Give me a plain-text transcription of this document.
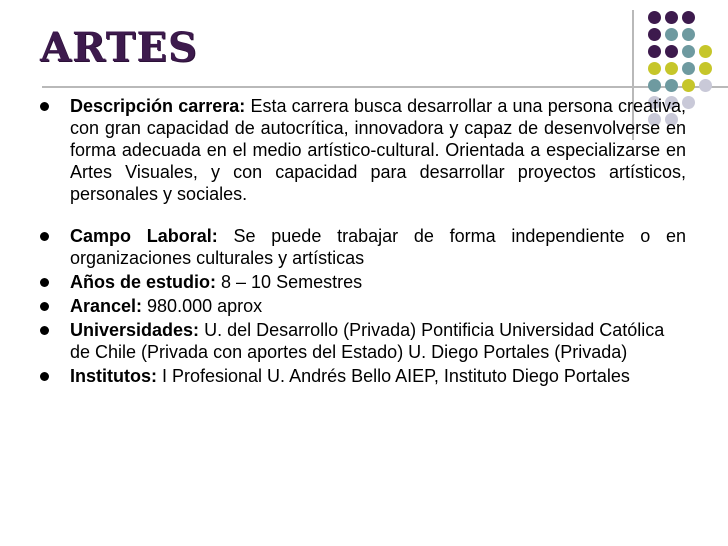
ARTES
Descripción carrera: Esta carrera busca desarrollar a una persona creativa, con gran capacidad de autocrítica, innovadora y capaz de desenvolverse en forma adecuada en el medio artístico-cultural. Orientada a especializarse en Artes Visuales, y con capacidad para desarrollar proyectos artísticos, personales y sociales.
Campo Laboral: Se puede trabajar de forma independiente o en organizaciones culturales y artísticas
Años de estudio: 8 – 10 Semestres
Arancel: 980.000 aprox
Universidades: U. del Desarrollo (Privada) Pontificia Universidad Católica de Chile (Privada con aportes del Estado) U. Diego Portales (Privada)
Institutos: I Profesional U. Andrés Bello AIEP, Instituto Diego Portales
